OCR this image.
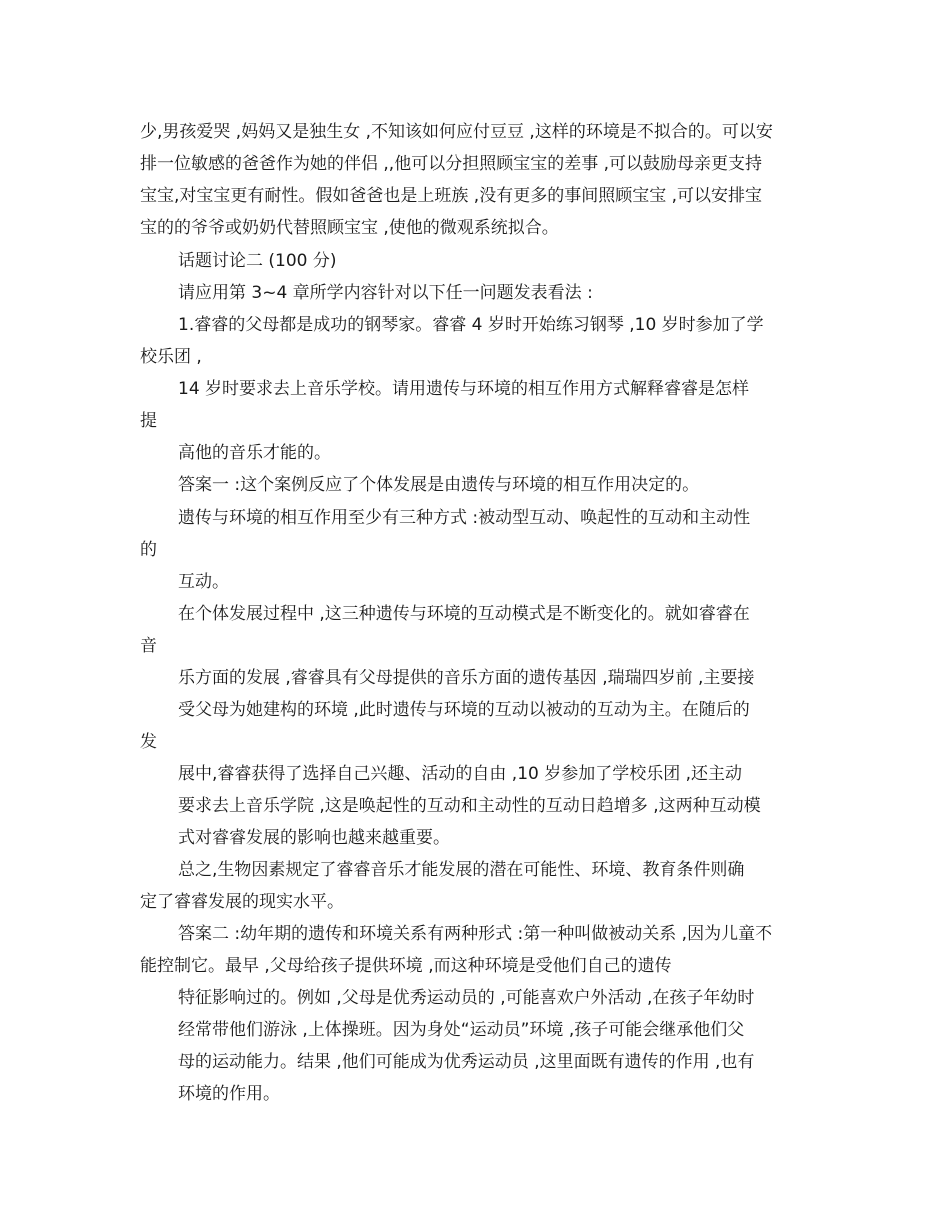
少,男孩爱哭 ,妈妈又是独生女 ,不知该如何应付豆豆 ,这样的环境是不拟合的。可以安

排一位敏感的爸爸作为她的伴侣 ,,他可以分担照顾宝宝的差事 ,可以鼓励母亲更支持

宝宝,对宝宝更有耐性。假如爸爸也是上班族 ,没有更多的事间照顾宝宝 ,可以安排宝

宝的的爷爷或奶奶代替照顾宝宝 ,使他的微观系统拟合。

话题讨论二 (100 分)

请应用第 3~4 章所学内容针对以下任一问题发表看法 :

1.睿睿的父母都是成功的钢琴家。睿睿 4 岁时开始练习钢琴 ,10 岁时参加了学

校乐团 ,

14 岁时要求去上音乐学校。请用遗传与环境的相互作用方式解释睿睿是怎样

提

高他的音乐才能的。

答案一 :这个案例反应了个体发展是由遗传与环境的相互作用决定的。

遗传与环境的相互作用至少有三种方式 :被动型互动、唤起性的互动和主动性

的

互动。

在个体发展过程中 ,这三种遗传与环境的互动模式是不断变化的。就如睿睿在

音

乐方面的发展 ,睿睿具有父母提供的音乐方面的遗传基因 ,瑞瑞四岁前 ,主要接

受父母为她建构的环境 ,此时遗传与环境的互动以被动的互动为主。在随后的

发

展中,睿睿获得了选择自己兴趣、活动的自由 ,10 岁参加了学校乐团 ,还主动

要求去上音乐学院 ,这是唤起性的互动和主动性的互动日趋增多 ,这两种互动模

式对睿睿发展的影响也越来越重要。

总之,生物因素规定了睿睿音乐才能发展的潜在可能性、环境、教育条件则确

定了睿睿发展的现实水平。

答案二 :幼年期的遗传和环境关系有两种形式 :第一种叫做被动关系 ,因为儿童不

能控制它。最早 ,父母给孩子提供环境 ,而这种环境是受他们自己的遗传

特征影响过的。例如 ,父母是优秀运动员的 ,可能喜欢户外活动 ,在孩子年幼时

经常带他们游泳 ,上体操班。因为身处“运动员”环境 ,孩子可能会继承他们父

母的运动能力。结果 ,他们可能成为优秀运动员 ,这里面既有遗传的作用 ,也有

环境的作用。
